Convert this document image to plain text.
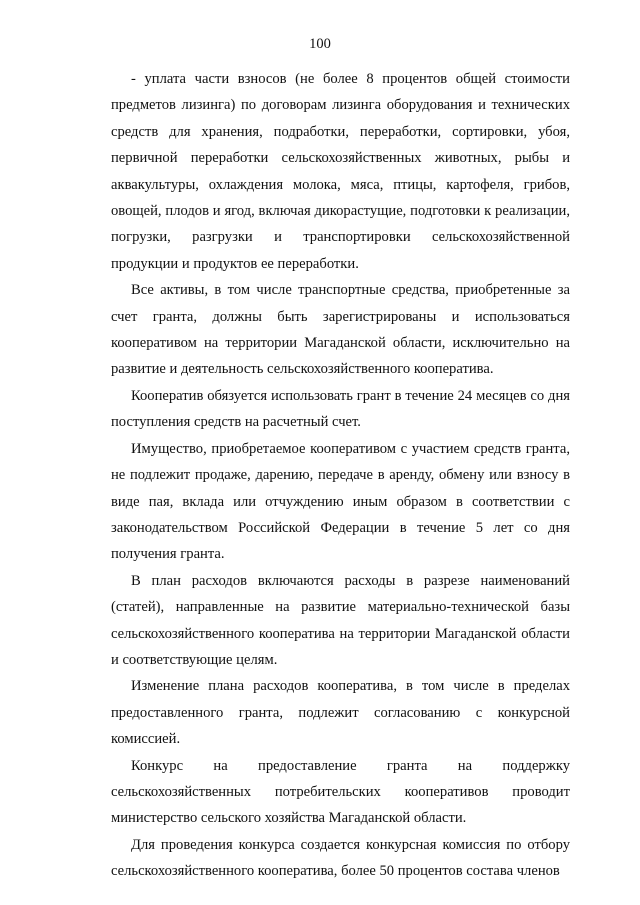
100

- уплата части взносов (не более 8 процентов общей стоимости предметов лизинга) по договорам лизинга оборудования и технических средств для хранения, подработки, переработки, сортировки, убоя, первичной переработки сельскохозяйственных животных, рыбы и аквакультуры, охлаждения молока, мяса, птицы, картофеля, грибов, овощей, плодов и ягод, включая дикорастущие, подготовки к реализации, погрузки, разгрузки и транспортировки сельскохозяйственной продукции и продуктов ее переработки.

Все активы, в том числе транспортные средства, приобретенные за счет гранта, должны быть зарегистрированы и использоваться кооперативом на территории Магаданской области, исключительно на развитие и деятельность сельскохозяйственного кооператива.

Кооператив обязуется использовать грант в течение 24 месяцев со дня поступления средств на расчетный счет.

Имущество, приобретаемое кооперативом с участием средств гранта, не подлежит продаже, дарению, передаче в аренду, обмену или взносу в виде пая, вклада или отчуждению иным образом в соответствии с законодательством Российской Федерации в течение 5 лет со дня получения гранта.

В план расходов включаются расходы в разрезе наименований (статей), направленные на развитие материально-технической базы сельскохозяйственного кооператива на территории Магаданской области и соответствующие целям.

Изменение плана расходов кооператива, в том числе в пределах предоставленного гранта, подлежит согласованию с конкурсной комиссией.

Конкурс на предоставление гранта на поддержку сельскохозяйственных потребительских кооперативов проводит министерство сельского хозяйства Магаданской области.

Для проведения конкурса создается конкурсная комиссия по отбору сельскохозяйственного кооператива, более 50 процентов состава членов
